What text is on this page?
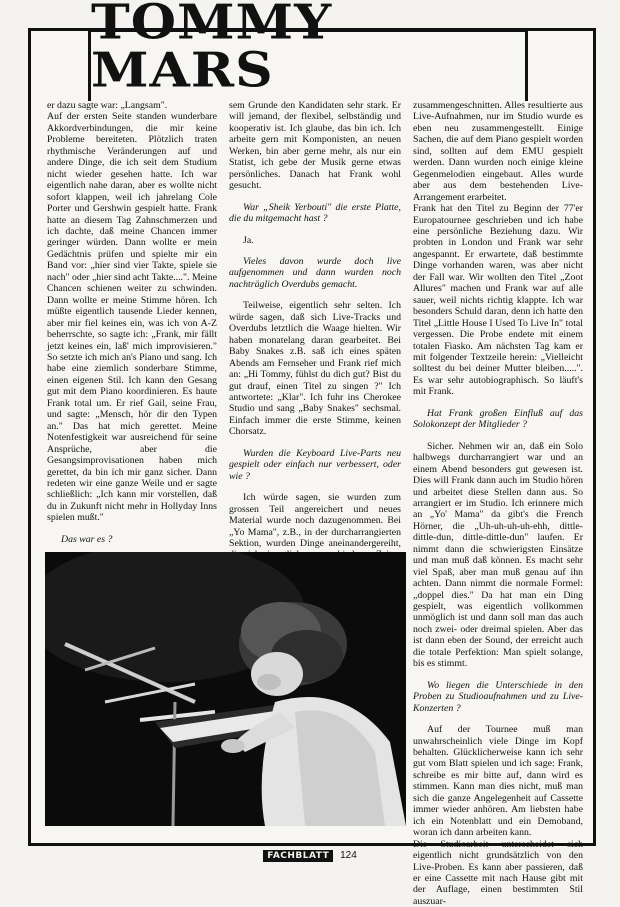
TOMMY MARS

er dazu sagte war: „Langsam".

Auf der ersten Seite standen wunderbare Akkordverbindungen, die mir keine Probleme bereiteten. Plötzlich traten rhythmische Veränderungen auf und andere Dinge, die ich seit dem Studium nicht wieder gesehen hatte. Ich war eigentlich nahe daran, aber es wollte nicht sofort klappen, weil ich jahrelang Cole Porter und Gershwin gespielt hatte. Frank hatte an diesem Tag Zahnschmerzen und ich dachte, daß meine Chancen immer geringer würden. Dann wollte er mein Gedächtnis prüfen und spielte mir ein Band vor: „hier sind vier Takte, spiele sie nach" oder „hier sind acht Takte....". Meine Chancen schienen weiter zu schwinden. Dann wollte er meine Stimme hören. Ich müßte eigentlich tausende Lieder kennen, aber mir fiel keines ein, was ich von A-Z beherrschte, so sagte ich: „Frank, mir fällt jetzt keines ein, laß' mich improvisieren." So setzte ich mich an's Piano und sang. Ich habe eine ziemlich sonderbare Stimme, einen eigenen Stil. Ich kann den Gesang gut mit dem Piano koordinieren. Es haute Frank total um. Er rief Gail, seine Frau, und sagte: „Mensch, hör dir den Typen an." Das hat mich gerettet. Meine Notenfestigkeit war ausreichend für seine Ansprüche, aber die Gesangsimprovisationen haben mich gerettet, da bin ich mir ganz sicher. Dann redeten wir eine ganze Weile und er sagte schließlich: „Ich kann mir vorstellen, daß du in Zukunft nicht mehr in Hollyday Inns spielen mußt."

Das war es ?

sem Grunde den Kandidaten sehr stark. Er will jemand, der flexibel, selbständig und kooperativ ist. Ich glaube, das bin ich. Ich arbeite gern mit Komponisten, an neuen Werken, bin aber gerne mehr, als nur ein Statist, ich gebe der Musik gerne etwas persönliches. Danach hat Frank wohl gesucht.

War „Sheik Yerbouti" die erste Platte, die du mitgemacht hast ?

Ja.

Vieles davon wurde doch live aufgenommen und dann wurden noch nachträglich Overdubs gemacht.

Teilweise, eigentlich sehr selten. Ich würde sagen, daß sich Live-Tracks und Overdubs letztlich die Waage hielten. Wir haben monatelang daran gearbeitet. Bei Baby Snakes z.B. saß ich eines späten Abends am Fernseher und Frank rief mich an: „Hi Tommy, fühlst du dich gut? Bist du gut drauf, einen Titel zu singen ?" Ich antwortete: „Klar". Ich fuhr ins Cherokee Studio und sang „Baby Snakes" sechsmal. Einfach immer die erste Stimme, keinen Chorsatz.

Wurden die Keyboard Live-Parts neu gespielt oder einfach nur verbessert, oder wie ?

Ich würde sagen, sie wurden zum grossen Teil angereichert und neues Material wurde noch dazugenommen. Bei „Yo Mama", z.B., in der durcharrangierten Sektion, wurden Dinge aneinandergereiht,

zusammengeschnitten. Alles resultierte aus Live-Aufnahmen, nur im Studio wurde es eben neu zusammengestellt. Einige Sachen, die auf dem Piano gespielt worden sind, sollten auf dem EMU gespielt werden. Dann wurden noch einige kleine Gegenmelodien eingebaut. Alles wurde aber aus dem bestehenden Live-Arrangement erarbeitet.

Frank hat den Titel zu Beginn der 77'er Europatournee geschrieben und ich habe eine persönliche Beziehung dazu. Wir probten in London und Frank war sehr angespannt. Er erwartete, daß bestimmte Dinge vorhanden waren, was aber nicht der Fall war. Wir wollten den Titel „Zoot Allures" machen und Frank war auf alle sauer, weil nichts richtig klappte. Ich war besonders Schuld daran, denn ich hatte den Titel „Little House I Used To Live In" total vergessen. Die Probe endete mit einem totalen Fiasko. Am nächsten Tag kam er mit folgender Textzeile herein: „Vielleicht solltest du bei deiner Mutter bleiben.....". Es war sehr autobiographisch. So läuft's mit Frank.

Hat Frank großen Einfluß auf das Solokonzept der Mitglieder ?

Sicher. Nehmen wir an, daß ein Solo halbwegs durcharrangiert war und an einem Abend besonders gut gewesen ist. Dies will Frank dann auch im Studio hören und arbeitet diese Stellen dann aus. So arrangiert er im Studio. Ich erinnere mich an „Yo' Mama" da gibt's die French Hörner, die „Uh-uh-uh-uh-ehh, dittle-dittle-dun, dittle-dittle-dun" laufen. Er nimmt dann die schwierigsten Einsätze und man muß daß können. Es macht sehr viel Spaß, aber man muß genau auf ihn achten. Dann nimmt die normale Formel: „doppel dies." Da hat man ein Ding gespielt, was eigentlich vollkommen unmöglich ist und dann soll man das auch noch zwei- oder dreimal spielen. Aber das ist dann eben der Sound, der erreicht auch die totale Perfektion: Man spielt solange, bis es stimmt.

Wo liegen die Unterschiede in den Proben zu Studioaufnahmen und zu Live-Konzerten ?

Auf der Tournee muß man unwahrscheinlich viele Dinge im Kopf behalten. Glücklicherweise kann ich sehr gut vom Blatt spielen und ich sage: Frank, schreibe es mir bitte auf, dann wird es stimmen. Kann man dies nicht, muß man sich die ganze Angelegenheit auf Cassette immer wieder anhören. Am liebsten habe ich ein Notenblatt und ein Demoband, woran ich dann arbeiten kann.

Die Studioarbeit unterscheidet sich eigentlich nicht grundsätzlich von den Live-Proben. Es kann aber passieren, daß er eine Cassette mit nach Hause gibt mit der Auflage, einen bestimmten Stil auszuar-

FACHBLATT 124
